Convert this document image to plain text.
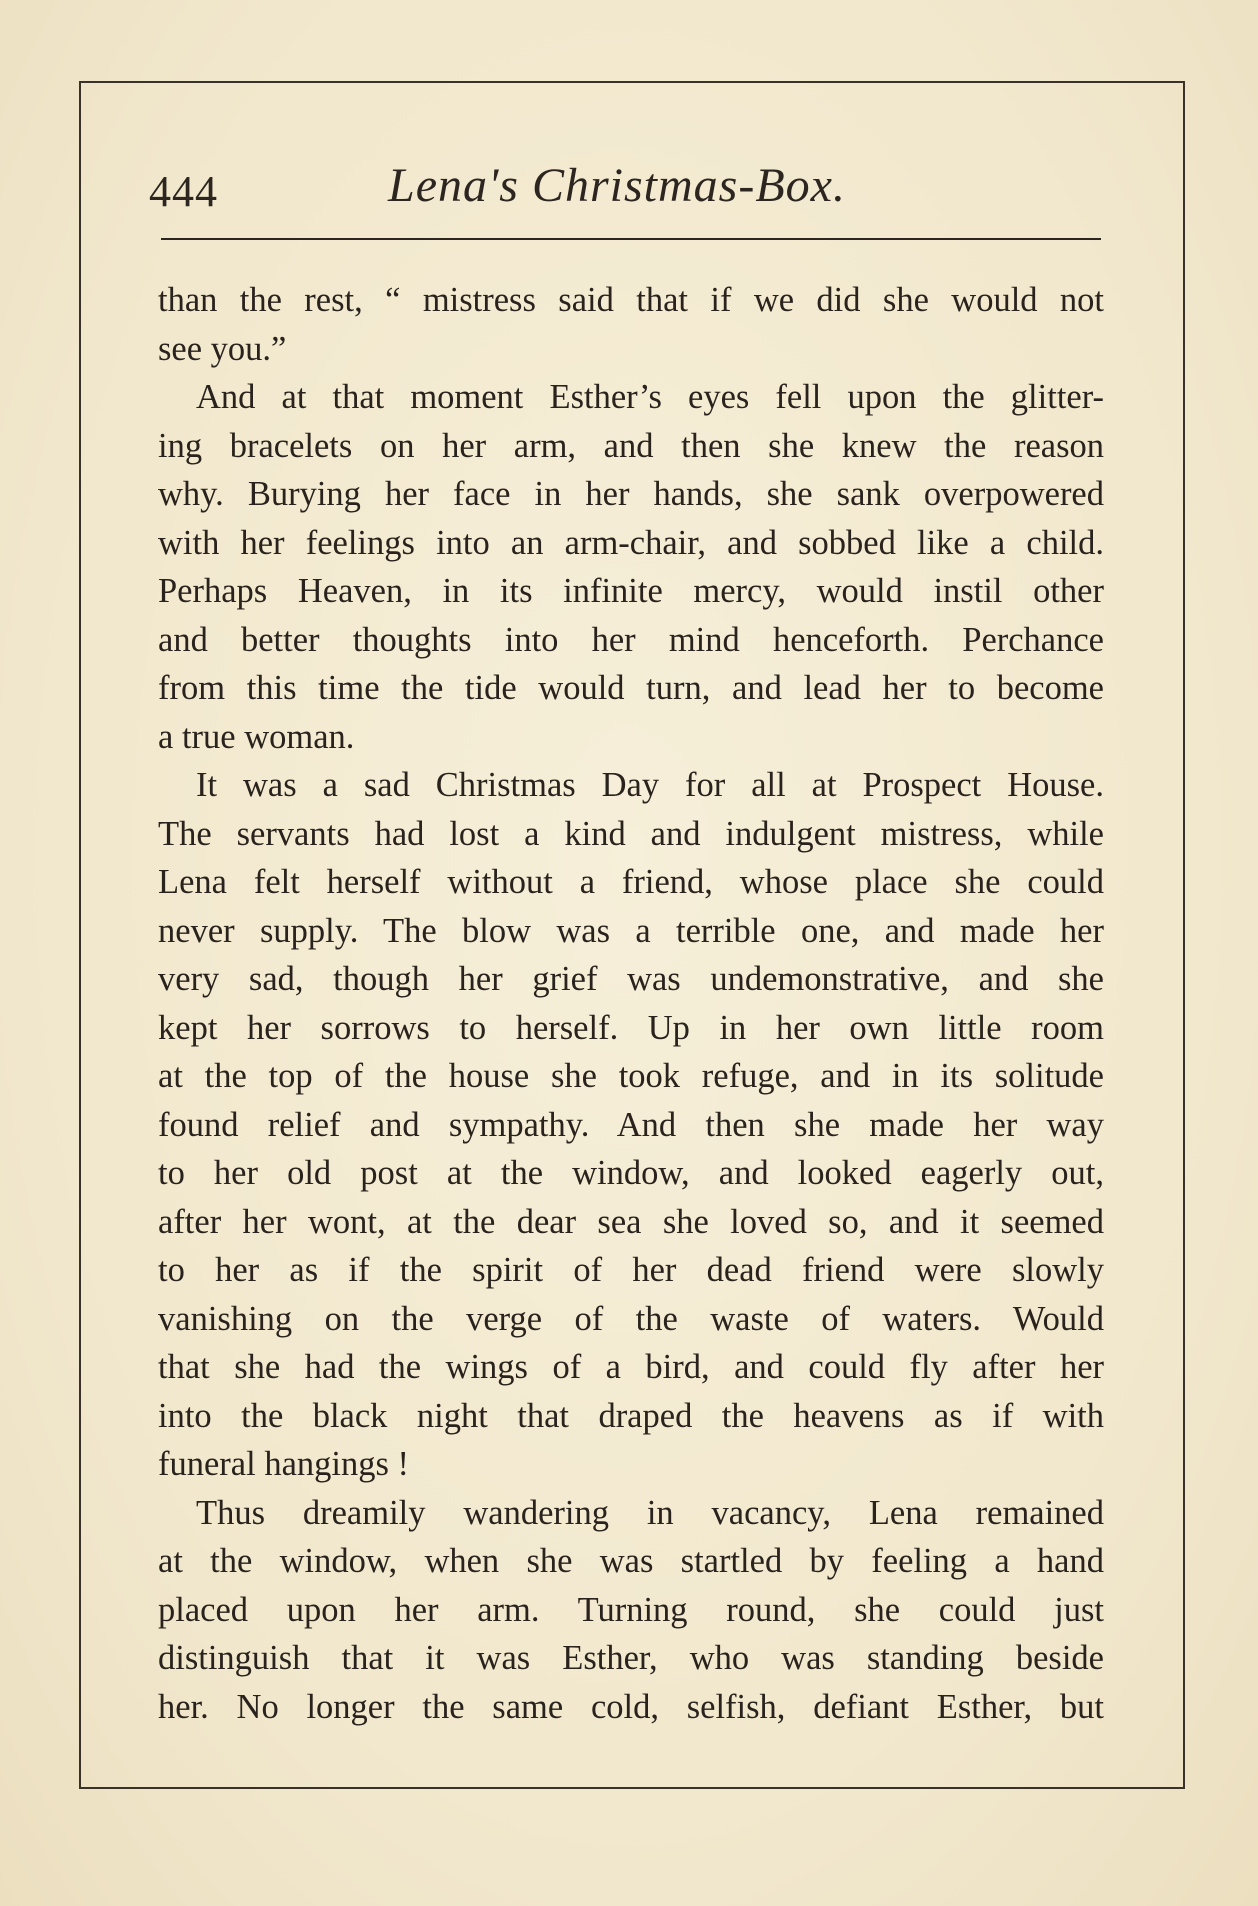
444	Lena's Christmas-Box.
than the rest, “ mistress said that if we did she would not
see you.”
And at that moment Esther’s eyes fell upon the glitter-
ing bracelets on her arm, and then she knew the reason
why. Burying her face in her hands, she sank overpowered
with her feelings into an arm-chair, and sobbed like a child.
Perhaps Heaven, in its infinite mercy, would instil other
and better thoughts into her mind henceforth. Perchance
from this time the tide would turn, and lead her to become
a true woman.
It was a sad Christmas Day for all at Prospect House.
The servants had lost a kind and indulgent mistress, while
Lena felt herself without a friend, whose place she could
never supply. The blow was a terrible one, and made her
very sad, though her grief was undemonstrative, and she
kept her sorrows to herself. Up in her own little room
at the top of the house she took refuge, and in its solitude
found relief and sympathy. And then she made her way
to her old post at the window, and looked eagerly out,
after her wont, at the dear sea she loved so, and it seemed
to her as if the spirit of her dead friend were slowly
vanishing on the verge of the waste of waters. Would
that she had the wings of a bird, and could fly after her
into the black night that draped the heavens as if with
funeral hangings !
Thus dreamily wandering in vacancy, Lena remained
at the window, when she was startled by feeling a hand
placed upon her arm. Turning round, she could just
distinguish that it was Esther, who was standing beside
her. No longer the same cold, selfish, defiant Esther, but
